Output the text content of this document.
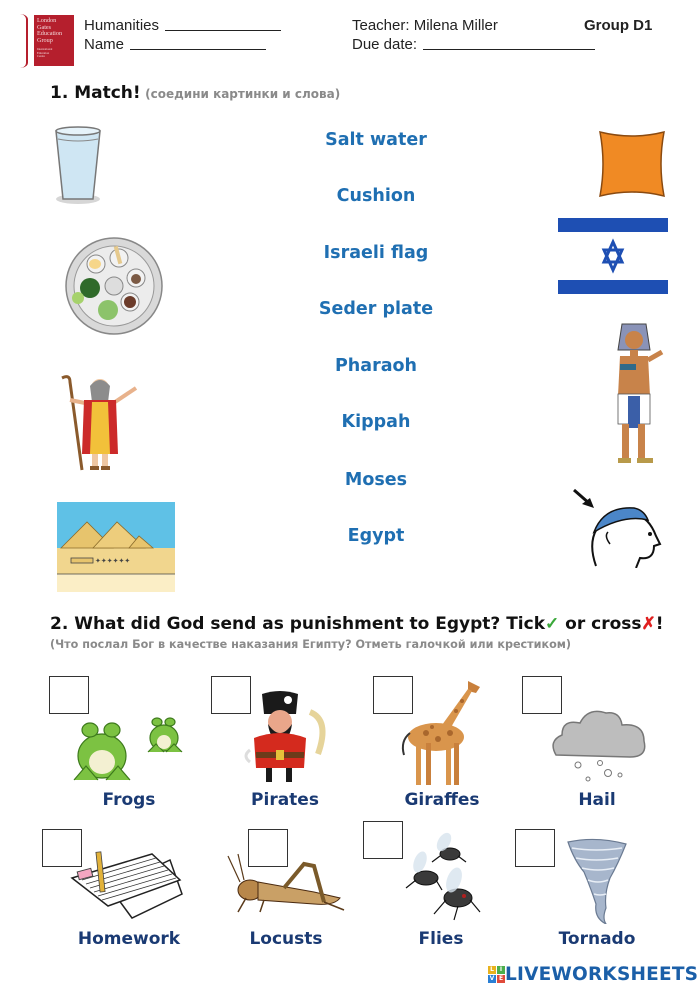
London
Gates
Education
Group
International
Education
Centre
Humanities
Name
Teacher: Milena Miller	Group D1
Due date:
1. Match! (соедини картинки и слова)
✦✦✦✦✦✦
Salt water
Cushion
Israeli flag
Seder plate
Pharaoh
Kippah
Moses
Egypt
2. What did God send as punishment to Egypt? Tick✓ or cross✗!
(Что послал Бог в качестве наказания Египту? Отметь галочкой или крестиком)
Frogs	Pirates	Giraffes	Hail
Homework	Locusts	Flies	Tornado
L I
V E LIVEWORKSHEETS
